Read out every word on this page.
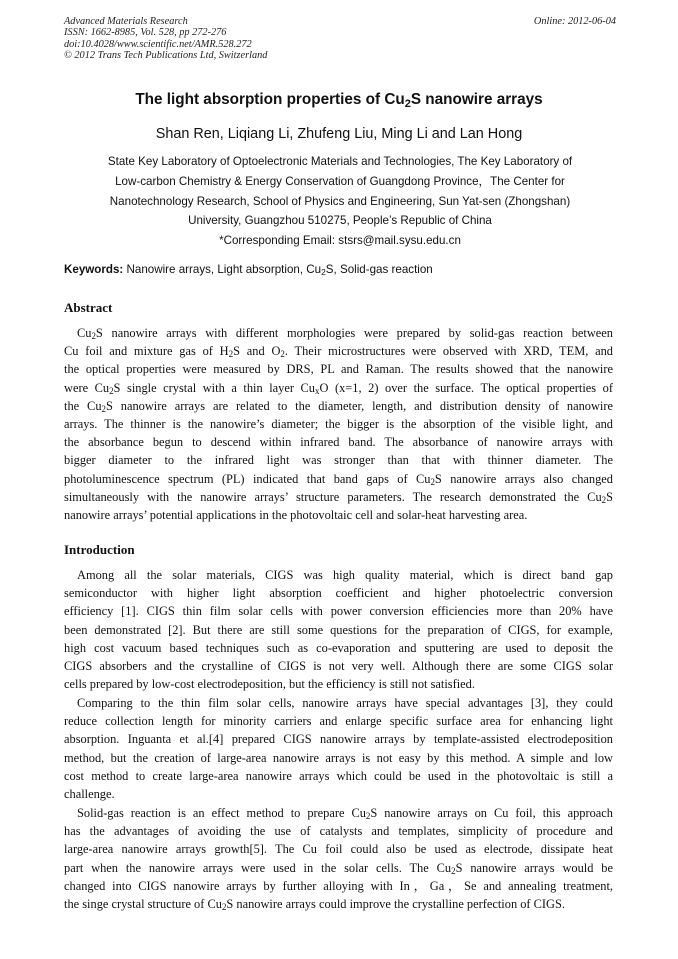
Advanced Materials Research
ISSN: 1662-8985, Vol. 528, pp 272-276
doi:10.4028/www.scientific.net/AMR.528.272
© 2012 Trans Tech Publications Ltd, Switzerland
Online: 2012-06-04
The light absorption properties of $Cu_2S$ nanowire arrays
Shan Ren, Liqiang Li, Zhufeng Liu, Ming Li and Lan Hong
State Key Laboratory of Optoelectronic Materials and Technologies, The Key Laboratory of
Low-carbon Chemistry & Energy Conservation of Guangdong Province，The Center for
Nanotechnology Research, School of Physics and Engineering, Sun Yat-sen (Zhongshan)
University, Guangzhou 510275, People’s Republic of China
*Corresponding Email: stsrs@mail.sysu.edu.cn
Keywords: Nanowire arrays, Light absorption, $Cu_2S$, Solid-gas reaction
Abstract

$Cu_2S$ nanowire arrays with different morphologies were prepared by solid-gas reaction between
Cu foil and mixture gas of $H_2S$ and $O_2$. Their microstructures were observed with XRD, TEM, and
the optical properties were measured by DRS, PL and Raman. The results showed that the nanowire
were $Cu_2S$ single crystal with a thin layer $Cu_xO$ (x=1, 2) over the surface. The optical properties of
the $Cu_2S$ nanowire arrays are related to the diameter, length, and distribution density of nanowire
arrays. The thinner is the nanowire’s diameter; the bigger is the absorption of the visible light, and
the absorbance begun to descend within infrared band. The absorbance of nanowire arrays with
bigger diameter to the infrared light was stronger than that with thinner diameter. The
photoluminescence spectrum (PL) indicated that band gaps of $Cu_2S$ nanowire arrays also changed
simultaneously with the nanowire arrays’ structure parameters. The research demonstrated the $Cu_2S$
nanowire arrays’ potential applications in the photovoltaic cell and solar-heat harvesting area.

Introduction

Among all the solar materials, CIGS was high quality material, which is direct band gap
semiconductor with higher light absorption coefficient and higher photoelectric conversion
efficiency [1]. CIGS thin film solar cells with power conversion efficiencies more than 20% have
been demonstrated [2]. But there are still some questions for the preparation of CIGS, for example,
high cost vacuum based techniques such as co-evaporation and sputtering are used to deposit the
CIGS absorbers and the crystalline of CIGS is not very well. Although there are some CIGS solar
cells prepared by low-cost electrodeposition, but the efficiency is still not satisfied.

Comparing to the thin film solar cells, nanowire arrays have special advantages [3], they could
reduce collection length for minority carriers and enlarge specific surface area for enhancing light
absorption. Inguanta et al.[4] prepared CIGS nanowire arrays by template-assisted electrodeposition
method, but the creation of large-area nanowire arrays is not easy by this method. A simple and low
cost method to create large-area nanowire arrays which could be used in the photovoltaic is still a
challenge.

Solid-gas reaction is an effect method to prepare $Cu_2S$ nanowire arrays on Cu foil, this approach
has the advantages of avoiding the use of catalysts and templates, simplicity of procedure and
large-area nanowire arrays growth[5]. The Cu foil could also be used as electrode, dissipate heat
part when the nanowire arrays were used in the solar cells. The $Cu_2S$ nanowire arrays would be
changed into CIGS nanowire arrays by further alloying with In，Ga，Se and annealing treatment,
the singe crystal structure of $Cu_2S$ nanowire arrays could improve the crystalline perfection of CIGS.
